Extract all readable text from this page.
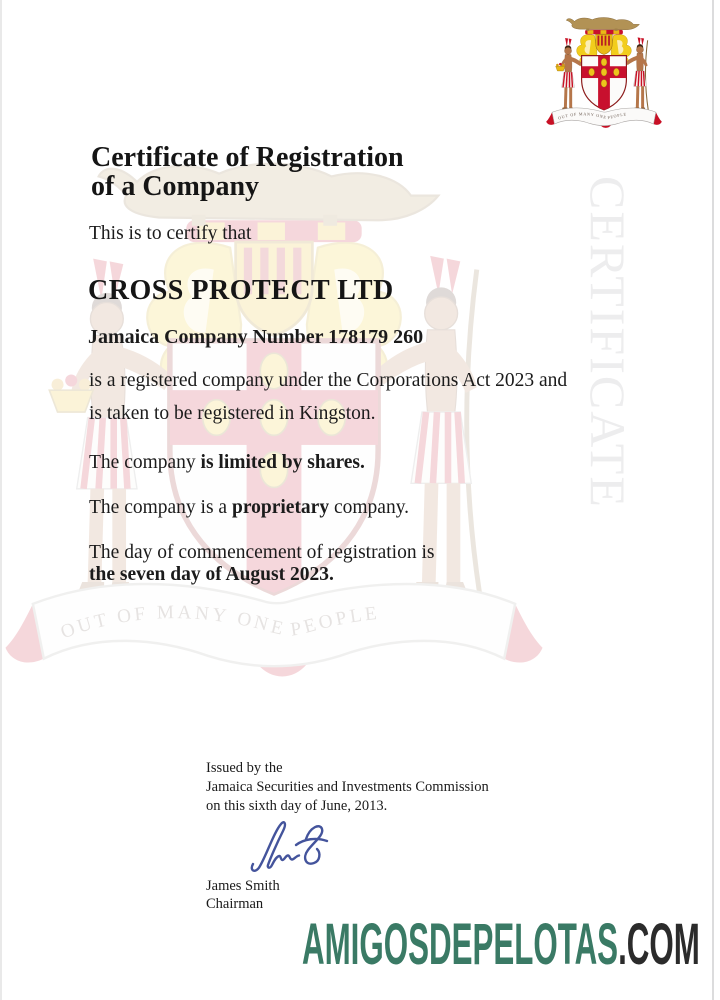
CERTIFICATE
Certificate of Registration
of a Company
This is to certify that
CROSS PROTECT LTD
Jamaica Company Number 178179 260
is a registered company under the Corporations Act 2023 and
is taken to be registered in Kingston.
The company is limited by shares.
The company is a proprietary company.
The day of commencement of registration is
the seven day of August 2023.
Issued by the
Jamaica Securities and Investments Commission
on this sixth day of June, 2013.
James Smith
Chairman
AMIGOSDEPELOTAS.COM
